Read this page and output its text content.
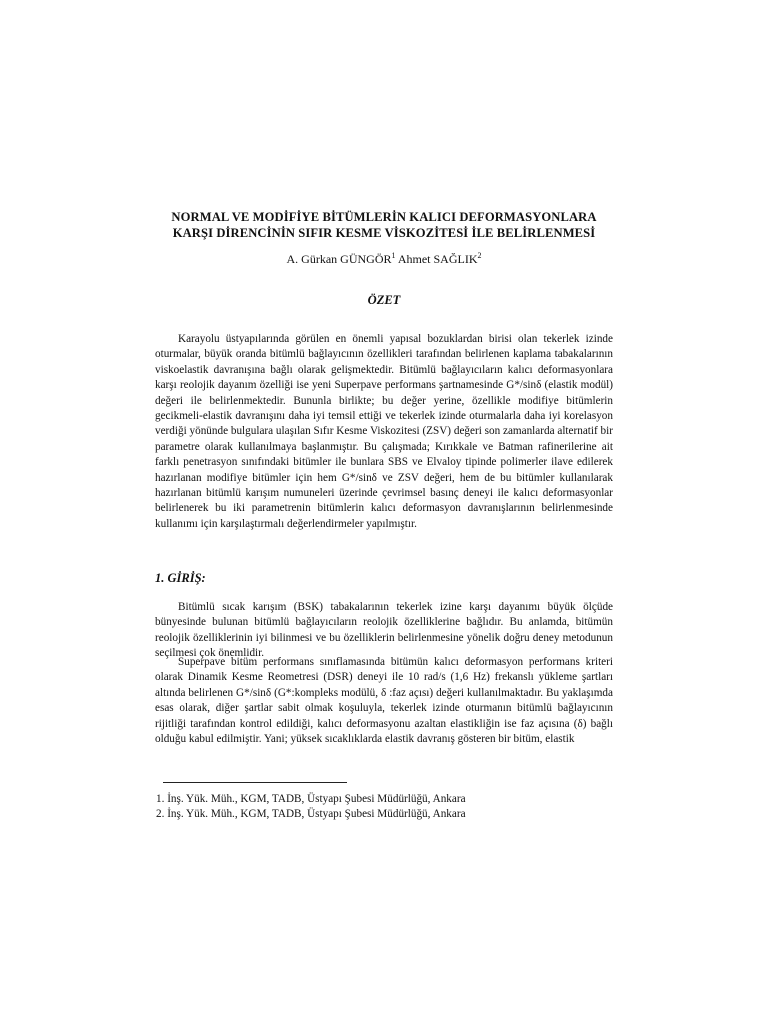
NORMAL VE MODİFİYE BİTÜMLERİN KALICI DEFORMASYONLARA
KARŞI DİRENCİNİN SIFIR KESME VİSKOZİTESİ İLE BELİRLENMESİ
A. Gürkan GÜNGÖR$^1$ Ahmet SAĞLIK$^2$
ÖZET

Karayolu üstyapılarında görülen en önemli yapısal bozuklardan birisi olan tekerlek izinde oturmalar, büyük oranda bitümlü bağlayıcının özellikleri tarafından belirlenen kaplama tabakalarının viskoelastik davranışına bağlı olarak gelişmektedir. Bitümlü bağlayıcıların kalıcı deformasyonlara karşı reolojik dayanım özelliği ise yeni Superpave performans şartnamesinde G*/sinδ (elastik modül) değeri ile belirlenmektedir. Bununla birlikte; bu değer yerine, özellikle modifiye bitümlerin gecikmeli-elastik davranışını daha iyi temsil ettiği ve tekerlek izinde oturmalarla daha iyi korelasyon verdiği yönünde bulgulara ulaşılan Sıfır Kesme Viskozitesi (ZSV) değeri son zamanlarda alternatif bir parametre olarak kullanılmaya başlanmıştır. Bu çalışmada; Kırıkkale ve Batman rafinerilerine ait farklı penetrasyon sınıfındaki bitümler ile bunlara SBS ve Elvaloy tipinde polimerler ilave edilerek hazırlanan modifiye bitümler için hem G*/sinδ ve ZSV değeri, hem de bu bitümler kullanılarak hazırlanan bitümlü karışım numuneleri üzerinde çevrimsel basınç deneyi ile kalıcı deformasyonlar belirlenerek bu iki parametrenin bitümlerin kalıcı deformasyon davranışlarının belirlenmesinde kullanımı için karşılaştırmalı değerlendirmeler yapılmıştır.

1. GİRİŞ:

Bitümlü sıcak karışım (BSK) tabakalarının tekerlek izine karşı dayanımı büyük ölçüde bünyesinde bulunan bitümlü bağlayıcıların reolojik özelliklerine bağlıdır. Bu anlamda, bitümün reolojik özelliklerinin iyi bilinmesi ve bu özelliklerin belirlenmesine yönelik doğru deney metodunun seçilmesi çok önemlidir.

Superpave bitüm performans sınıflamasında bitümün kalıcı deformasyon performans kriteri olarak Dinamik Kesme Reometresi (DSR) deneyi ile 10 rad/s (1,6 Hz) frekanslı yükleme şartları altında belirlenen G*/sinδ (G*:kompleks modülü, δ :faz açısı) değeri kullanılmaktadır. Bu yaklaşımda esas olarak, diğer şartlar sabit olmak koşuluyla, tekerlek izinde oturmanın bitümlü bağlayıcının rijitliği tarafından kontrol edildiği, kalıcı deformasyonu azaltan elastikliğin ise faz açısına (δ) bağlı olduğu kabul edilmiştir. Yani; yüksek sıcaklıklarda elastik davranış gösteren bir bitüm, elastik

1. İnş. Yük. Müh., KGM, TADB, Üstyapı Şubesi Müdürlüğü, Ankara
2. İnş. Yük. Müh., KGM, TADB, Üstyapı Şubesi Müdürlüğü, Ankara
